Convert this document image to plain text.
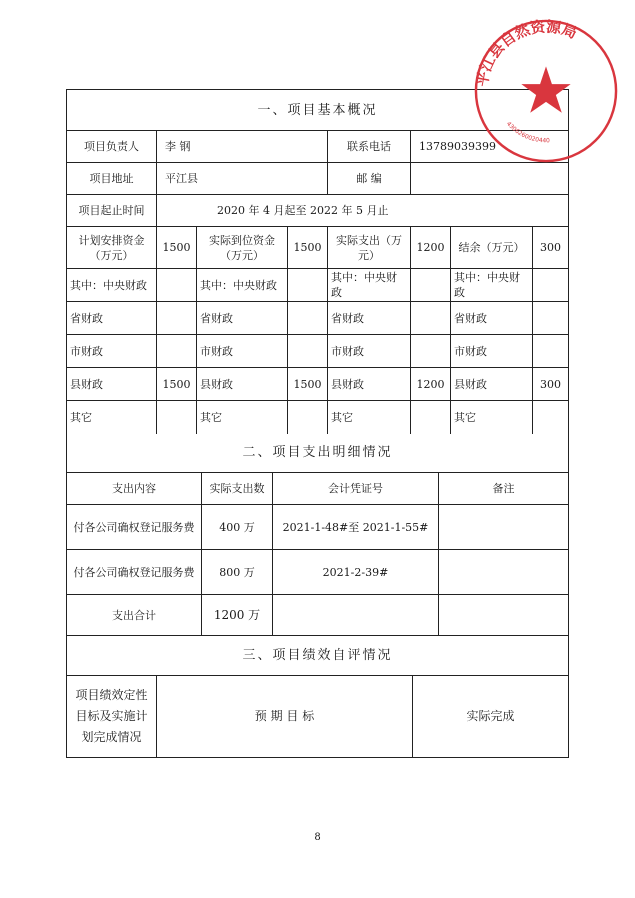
一、项目基本概况							
项目负责人	李 钢			联系电话	13789039399		
项目地址	平江县			邮 编			
项目起止时间	2020 年 4 月起至 2022 年 5 月止						
计划安排资金（万元）	1500	实际到位资金（万元）	1500	实际支出（万元）	1200	结余（万元）	300
其中：中央财政		其中：中央财政		其中：中央财政		其中：中央财政	
省财政		省财政		省财政		省财政	
市财政		市财政		市财政		市财政	
县财政	1500	县财政	1500	县财政	1200	县财政	300
其它		其它		其它		其它	
二、项目支出明细情况			
支出内容	实际支出数	会计凭证号	备注
付各公司确权登记服务费	400 万	2021-1-48#至 2021-1-55#	
付各公司确权登记服务费	800 万	2021-2-39#	
支出合计	1200 万		
三、项目绩效自评情况
项目绩效定性目标及实施计划完成情况	预 期 目 标	实际完成
平江县自然资源局
4306260020440
8
